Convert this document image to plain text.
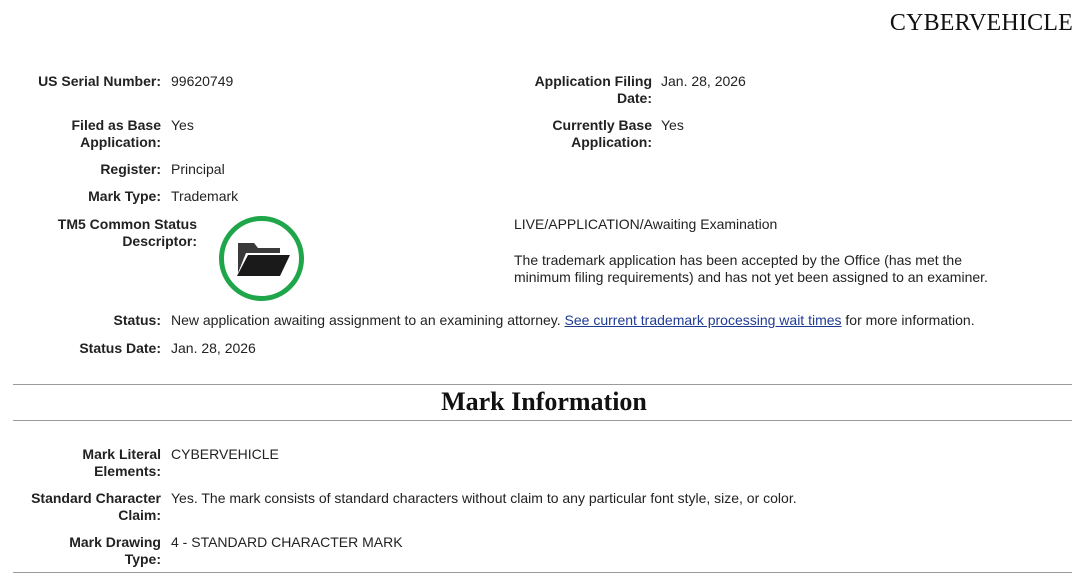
CYBERVEHICLE
US Serial Number: 99620749
Filed as Base Application:
Yes
Register: Principal
Mark Type: Trademark
TM5 Common Status Descriptor:
Application Filing Date:
Jan. 28, 2026
Currently Base Application:
Yes
LIVE/APPLICATION/Awaiting Examination
The trademark application has been accepted by the Office (has met the minimum filing requirements) and has not yet been assigned to an examiner.
Status: New application awaiting assignment to an examining attorney. See current trademark processing wait times for more information.
Status Date: Jan. 28, 2026
Mark Information
Mark Literal Elements:
CYBERVEHICLE
Standard Character Claim:
Yes. The mark consists of standard characters without claim to any particular font style, size, or color.
Mark Drawing Type:
4 - STANDARD CHARACTER MARK
